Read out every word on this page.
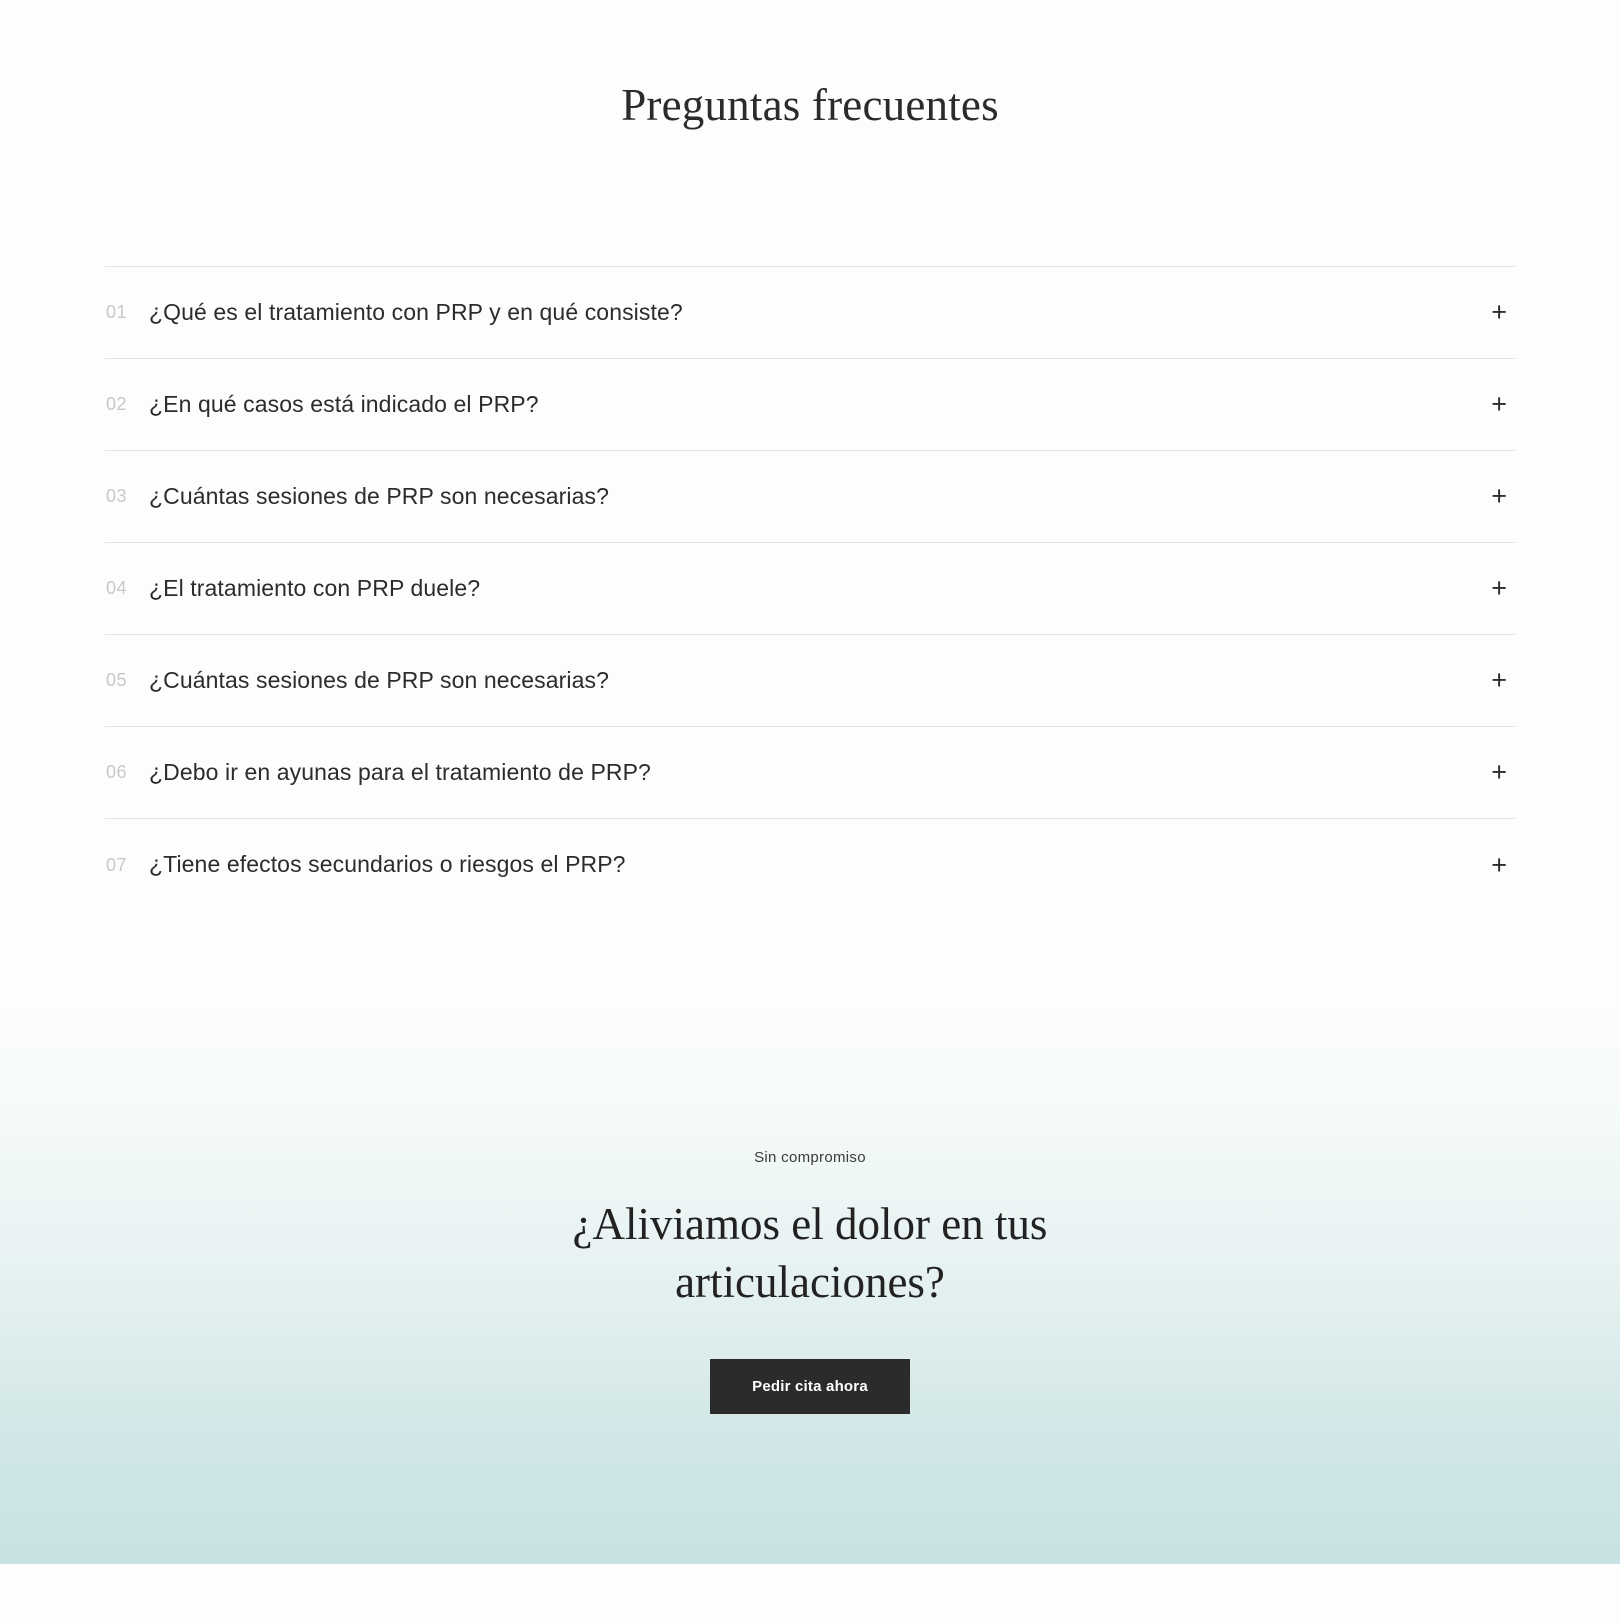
Preguntas frecuentes
01 ¿Qué es el tratamiento con PRP y en qué consiste?	+
02 ¿En qué casos está indicado el PRP?	+
03 ¿Cuántas sesiones de PRP son necesarias?	+
04 ¿El tratamiento con PRP duele?	+
05 ¿Cuántas sesiones de PRP son necesarias?	+
06 ¿Debo ir en ayunas para el tratamiento de PRP?	+
07 ¿Tiene efectos secundarios o riesgos el PRP?	+
Sin compromiso
¿Aliviamos el dolor en tus articulaciones?
Pedir cita ahora
